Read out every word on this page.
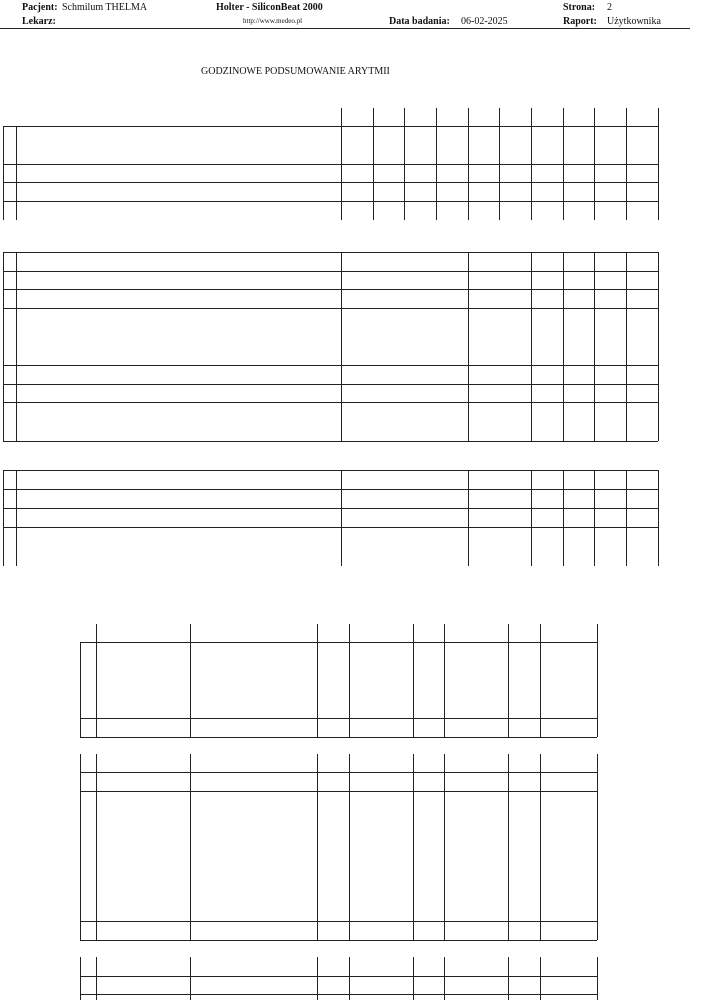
Pacjent: Schmilum THELMA
Lekarz:
Holter - SiliconBeat 2000
http://www.medeo.pl	Data badania: 06-02-2025
Strona: 2
Raport: Użytkownika
GODZINOWE PODSUMOWANIE ARYTMII
